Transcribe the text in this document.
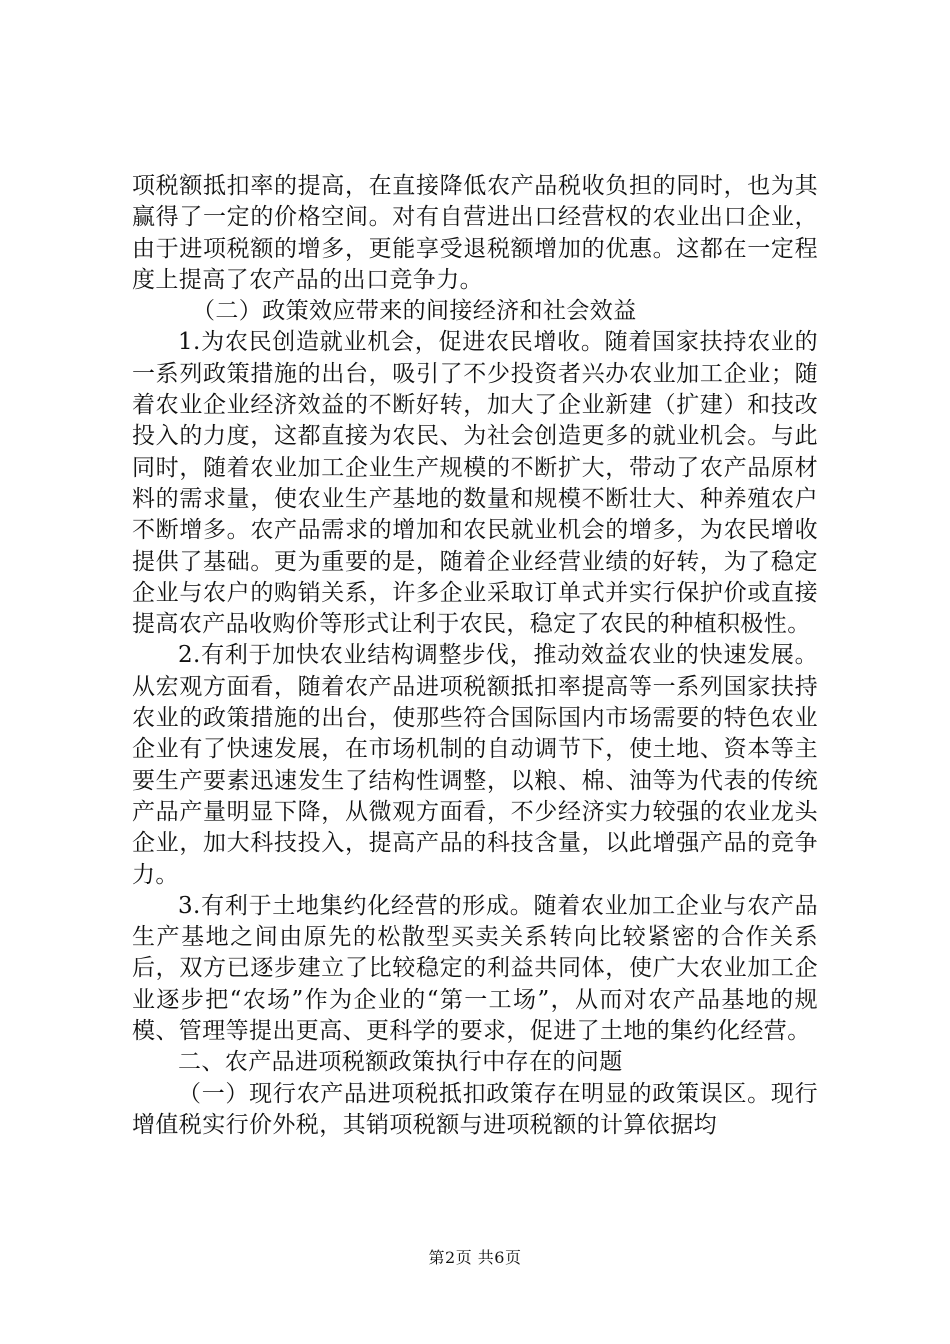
项税额抵扣率的提高，在直接降低农产品税收负担的同时，也为其赢得了一定的价格空间。对有自营进出口经营权的农业出口企业，由于进项税额的增多，更能享受退税额增加的优惠。这都在一定程度上提高了农产品的出口竞争力。

（二）政策效应带来的间接经济和社会效益

1.为农民创造就业机会，促进农民增收。随着国家扶持农业的一系列政策措施的出台，吸引了不少投资者兴办农业加工企业；随着农业企业经济效益的不断好转，加大了企业新建（扩建）和技改投入的力度，这都直接为农民、为社会创造更多的就业机会。与此同时，随着农业加工企业生产规模的不断扩大，带动了农产品原材料的需求量，使农业生产基地的数量和规模不断壮大、种养殖农户不断增多。农产品需求的增加和农民就业机会的增多，为农民增收提供了基础。更为重要的是，随着企业经营业绩的好转，为了稳定企业与农户的购销关系，许多企业采取订单式并实行保护价或直接提高农产品收购价等形式让利于农民，稳定了农民的种植积极性。

2.有利于加快农业结构调整步伐，推动效益农业的快速发展。从宏观方面看，随着农产品进项税额抵扣率提高等一系列国家扶持农业的政策措施的出台，使那些符合国际国内市场需要的特色农业企业有了快速发展，在市场机制的自动调节下，使土地、资本等主要生产要素迅速发生了结构性调整，以粮、棉、油等为代表的传统产品产量明显下降，从微观方面看，不少经济实力较强的农业龙头企业，加大科技投入，提高产品的科技含量，以此增强产品的竞争力。

3.有利于土地集约化经营的形成。随着农业加工企业与农产品生产基地之间由原先的松散型买卖关系转向比较紧密的合作关系后，双方已逐步建立了比较稳定的利益共同体，使广大农业加工企业逐步把“农场”作为企业的“第一工场”，从而对农产品基地的规模、管理等提出更高、更科学的要求，促进了土地的集约化经营。

二、农产品进项税额政策执行中存在的问题

（一）现行农产品进项税抵扣政策存在明显的政策误区。现行增值税实行价外税，其销项税额与进项税额的计算依据均

第2页 共6页
